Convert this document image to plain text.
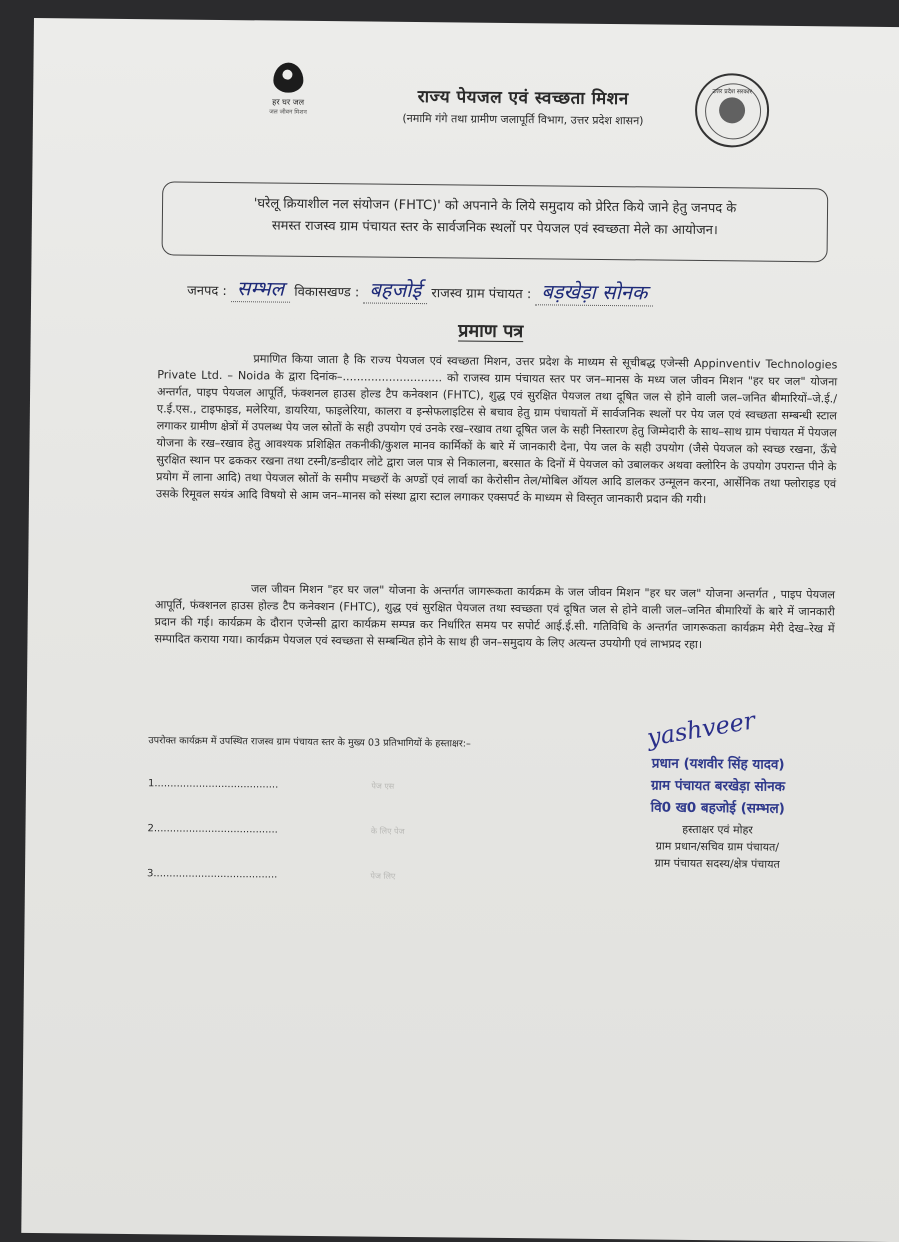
हर घर जल
जल जीवन मिशन
राज्य पेयजल एवं स्वच्छता मिशन
(नमामि गंगे तथा ग्रामीण जलापूर्ति विभाग, उत्तर प्रदेश शासन)
उत्तर प्रदेश सरकार
'घरेलू क्रियाशील नल संयोजन (FHTC)' को अपनाने के लिये समुदाय को प्रेरित किये जाने हेतु जनपद के
समस्त राजस्व ग्राम पंचायत स्तर के सार्वजनिक स्थलों पर पेयजल एवं स्वच्छता मेले का आयोजन।
जनपद : सम्भल विकासखण्ड : बहजोई राजस्व ग्राम पंचायत : बड़खेड़ा सोनक
प्रमाण पत्र
प्रमाणित किया जाता है कि राज्य पेयजल एवं स्वच्छता मिशन, उत्तर प्रदेश के माध्यम से सूचीबद्ध एजेन्सी Appinventiv Technologies Private Ltd. – Noida के द्वारा दिनांक–............................ को राजस्व ग्राम पंचायत स्तर पर जन–मानस के मध्य जल जीवन मिशन "हर घर जल" योजना अन्तर्गत, पाइप पेयजल आपूर्ति, फंक्शनल हाउस होल्ड टैप कनेक्शन (FHTC), शुद्ध एवं सुरक्षित पेयजल तथा दूषित जल से होने वाली जल–जनित बीमारियों–जे.ई./ए.ई.एस., टाइफाइड, मलेरिया, डायरिया, फाइलेरिया, कालरा व इन्सेफलाइटिस से बचाव हेतु ग्राम पंचायतों में सार्वजनिक स्थलों पर पेय जल एवं स्वच्छता सम्बन्धी स्टाल लगाकर ग्रामीण क्षेत्रों में उपलब्ध पेय जल स्रोतों के सही उपयोग एवं उनके रख–रखाव तथा दूषित जल के सही निस्तारण हेतु जिम्मेदारी के साथ–साथ ग्राम पंचायत में पेयजल योजना के रख–रखाव हेतु आवश्यक प्रशिक्षित तकनीकी/कुशल मानव कार्मिकों के बारे में जानकारी देना, पेय जल के सही उपयोग (जैसे पेयजल को स्वच्छ रखना, ऊँचे सुरक्षित स्थान पर ढककर रखना तथा टस्नी/डन्डीदार लोटे द्वारा जल पात्र से निकालना, बरसात के दिनों में पेयजल को उबालकर अथवा क्लोरिन के उपयोग उपरान्त पीने के प्रयोग में लाना आदि) तथा पेयजल स्रोतों के समीप मच्छरों के अण्डों एवं लार्वा का केरोसीन तेल/मोबिल ऑयल आदि डालकर उन्मूलन करना, आर्सेनिक तथा फ्लोराइड एवं उसके रिमूवल सयंत्र आदि विषयो से आम जन–मानस को संस्था द्वारा स्टाल लगाकर एक्सपर्ट के माध्यम से विस्तृत जानकारी प्रदान की गयी।
जल जीवन मिशन "हर घर जल" योजना के अन्तर्गत जागरूकता कार्यक्रम के जल जीवन मिशन "हर घर जल" योजना अन्तर्गत , पाइप पेयजल आपूर्ति, फंक्शनल हाउस होल्ड टैप कनेक्शन (FHTC), शुद्ध एवं सुरक्षित पेयजल तथा स्वच्छता एवं दूषित जल से होने वाली जल–जनित बीमारियों के बारे में जानकारी प्रदान की गई। कार्यक्रम के दौरान एजेन्सी द्वारा कार्यक्रम सम्पन्न कर निर्धारित समय पर सपोर्ट आई.ई.सी. गतिविधि के अन्तर्गत जागरूकता कार्यक्रम मेरी देख–रेख में सम्पादित कराया गया। कार्यक्रम पेयजल एवं स्वच्छता से सम्बन्धित होने के साथ ही जन–समुदाय के लिए अत्यन्त उपयोगी एवं लाभप्रद रहा।
yashveer
प्रधान (यशवीर सिंह यादव)
ग्राम पंचायत बरखेड़ा सोनक
वि0 ख0 बहजोई (सम्भल)
हस्ताक्षर एवं मोहर
ग्राम प्रधान/सचिव ग्राम पंचायत/
ग्राम पंचायत सदस्य/क्षेत्र पंचायत
उपरोक्त कार्यक्रम में उपस्थित राजस्व ग्राम पंचायत स्तर के मुख्य 03 प्रतिभागियों के हस्ताक्षर:–
1.......................................	पेज एस
2.......................................	के लिए पेज
3.......................................	पेज लिए
